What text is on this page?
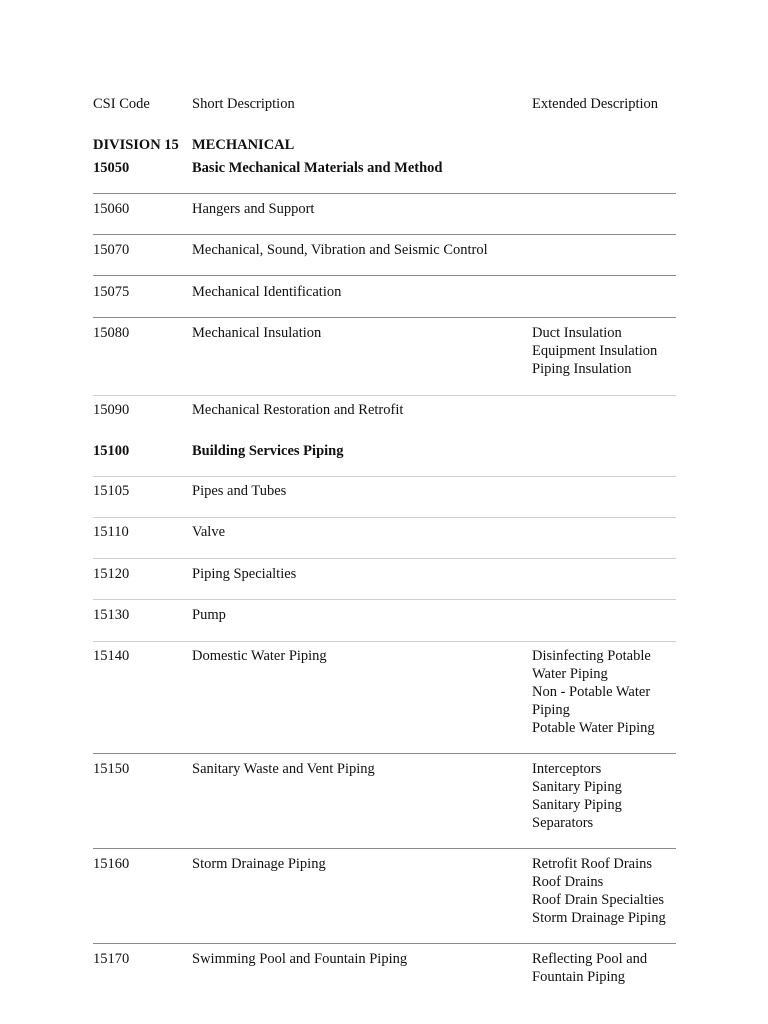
CSI Code	Short Description	Extended Description
DIVISION 15 MECHANICAL
15050	Basic Mechanical Materials and Method
15060	Hangers and Support
15070	Mechanical, Sound, Vibration and Seismic Control
15075	Mechanical Identification
15080	Mechanical Insulation	Duct Insulation
Equipment Insulation
Piping Insulation
15090	Mechanical Restoration and Retrofit
15100	Building Services Piping
15105	Pipes and Tubes
15110	Valve
15120	Piping Specialties
15130	Pump
15140	Domestic Water Piping	Disinfecting Potable
Water Piping
Non - Potable Water
Piping
Potable Water Piping
15150	Sanitary Waste and Vent Piping	Interceptors
Sanitary Piping
Sanitary Piping
Separators
15160	Storm Drainage Piping	Retrofit Roof Drains
Roof Drains
Roof Drain Specialties
Storm Drainage Piping
15170	Swimming Pool and Fountain Piping	Reflecting Pool and
Fountain Piping
